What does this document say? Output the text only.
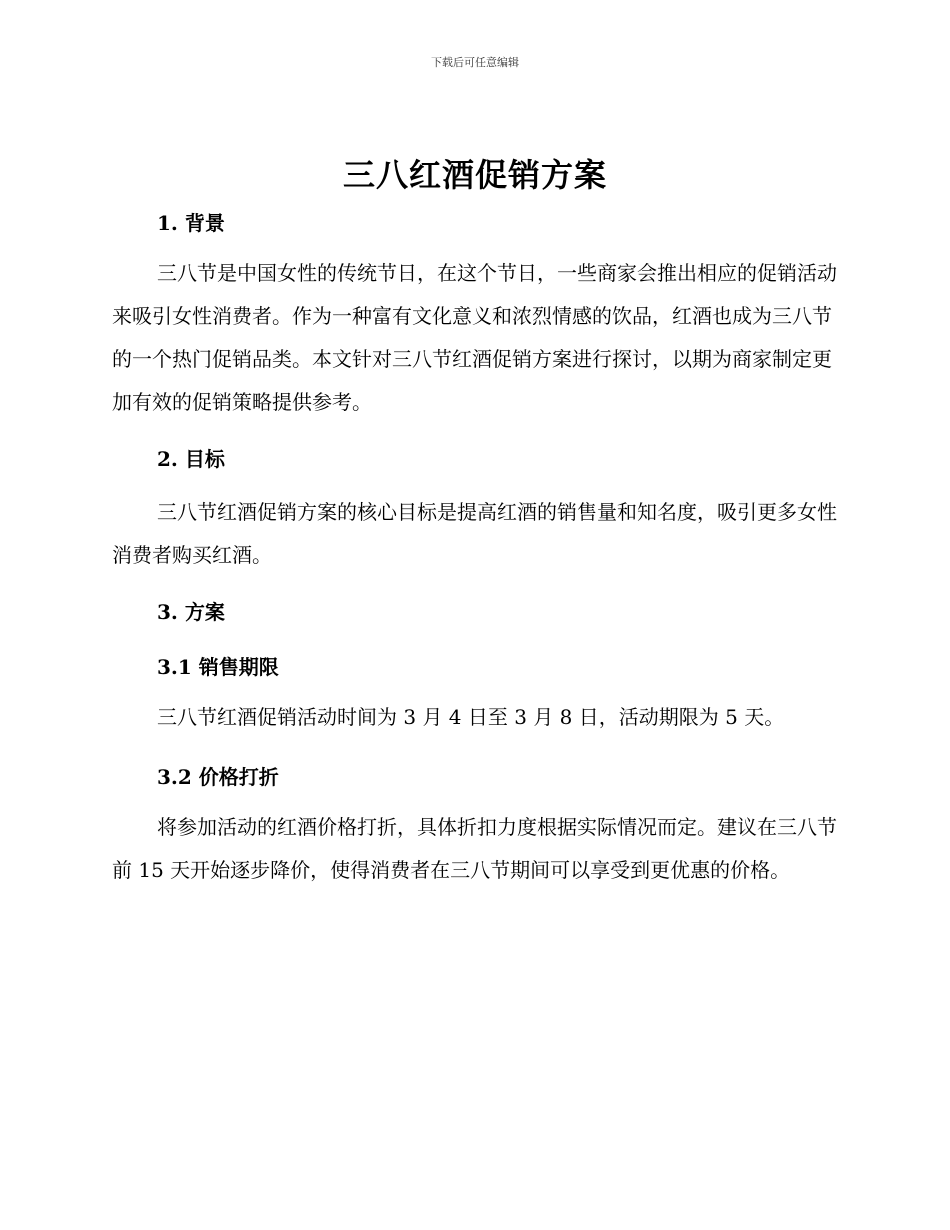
下载后可任意编辑
三八红酒促销方案
1. 背景

三八节是中国女性的传统节日，在这个节日，一些商家会推出相应的促销活动来吸引女性消费者。作为一种富有文化意义和浓烈情感的饮品，红酒也成为三八节的一个热门促销品类。本文针对三八节红酒促销方案进行探讨，以期为商家制定更加有效的促销策略提供参考。

2. 目标

三八节红酒促销方案的核心目标是提高红酒的销售量和知名度，吸引更多女性消费者购买红酒。

3. 方案
3.1 销售期限

三八节红酒促销活动时间为 3 月 4 日至 3 月 8 日，活动期限为 5 天。

3.2 价格打折

将参加活动的红酒价格打折，具体折扣力度根据实际情况而定。建议在三八节前 15 天开始逐步降价，使得消费者在三八节期间可以享受到更优惠的价格。
